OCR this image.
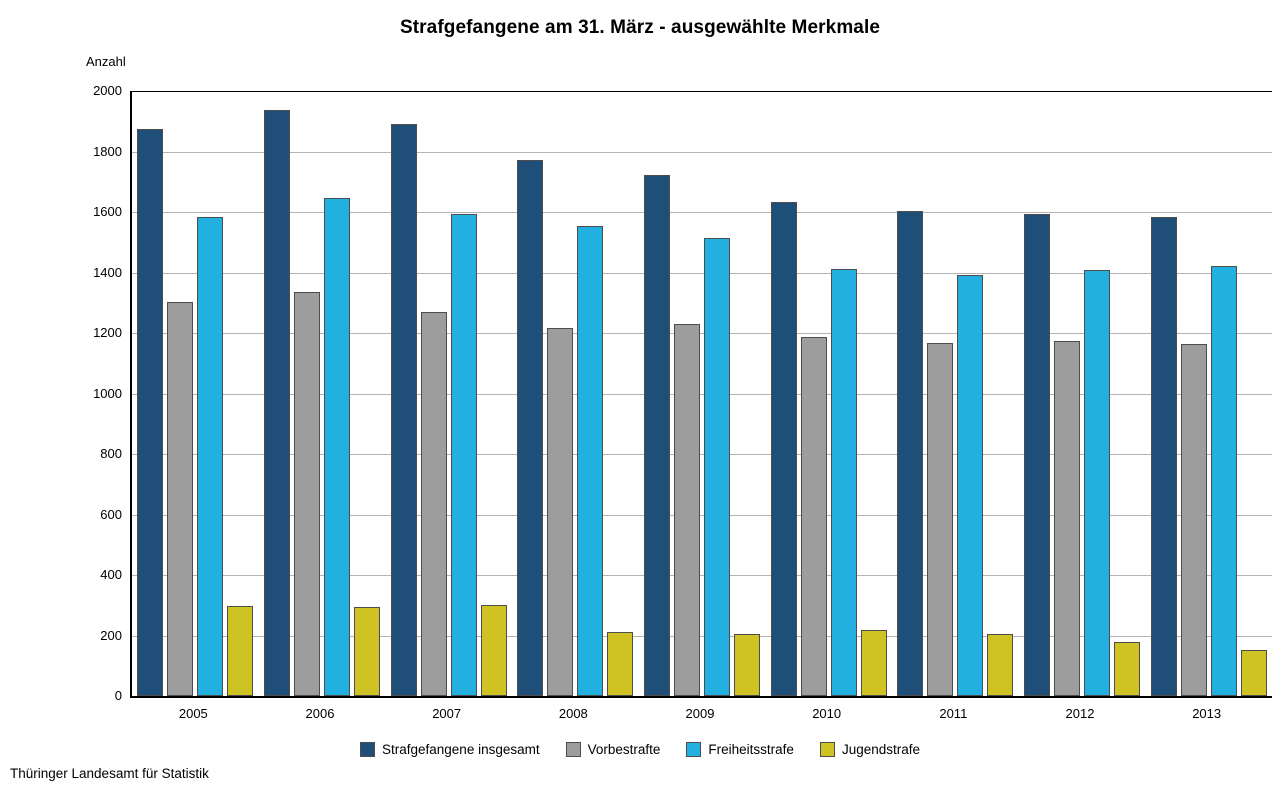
Strafgefangene am 31. März - ausgewählte Merkmale
Anzahl
0
200
400
600
800
1000
1200
1400
1600
1800
2000
2005	2006	2007	2008	2009	2010	2011	2012	2013
Strafgefangene insgesamt	Vorbestrafte	Freiheitsstrafe	Jugendstrafe
Thüringer Landesamt für Statistik
